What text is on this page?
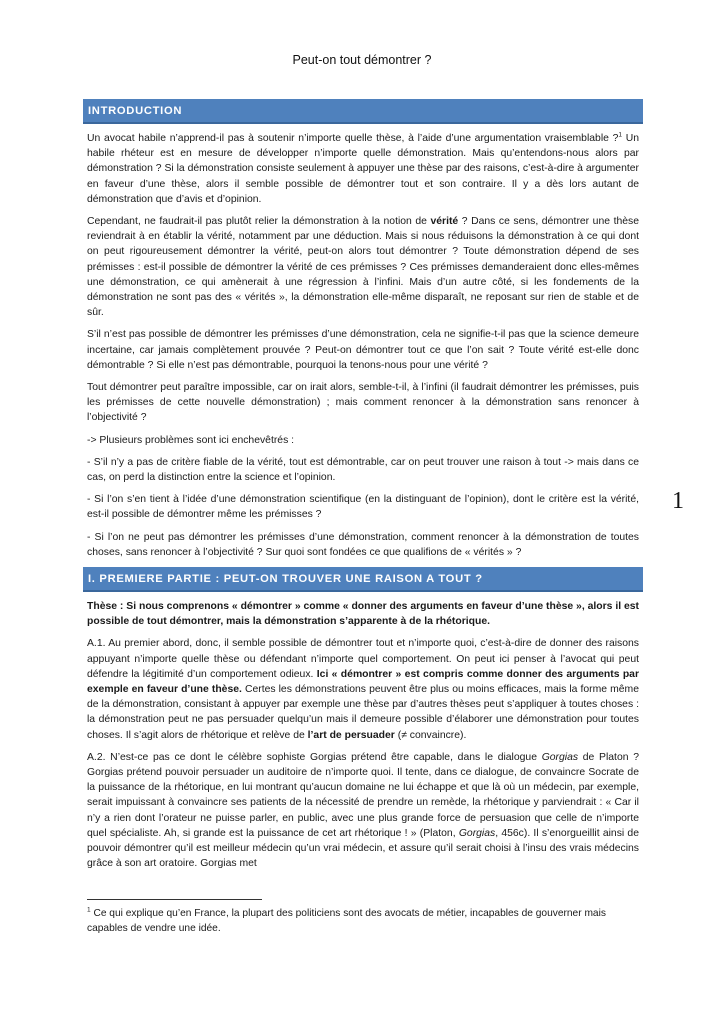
Peut-on tout démontrer ?
INTRODUCTION

Un avocat habile n’apprend-il pas à soutenir n’importe quelle thèse, à l’aide d’une argumentation vraisemblable ?$^1$ Un habile rhéteur est en mesure de développer n’importe quelle démonstration. Mais qu’entendons-nous alors par démonstration ? Si la démonstration consiste seulement à appuyer une thèse par des raisons, c’est-à-dire à argumenter en faveur d’une thèse, alors il semble possible de démontrer tout et son contraire. Il y a dès lors autant de démonstration que d’avis et d’opinion.

Cependant, ne faudrait-il pas plutôt relier la démonstration à la notion de vérité ? Dans ce sens, démontrer une thèse reviendrait à en établir la vérité, notamment par une déduction. Mais si nous réduisons la démonstration à ce qui dont on peut rigoureusement démontrer la vérité, peut-on alors tout démontrer ? Toute démonstration dépend de ses prémisses : est-il possible de démontrer la vérité de ces prémisses ? Ces prémisses demanderaient donc elles-mêmes une démonstration, ce qui amènerait à une régression à l’infini. Mais d’un autre côté, si les fondements de la démonstration ne sont pas des « vérités », la démonstration elle-même disparaît, ne reposant sur rien de stable et de sûr.

S’il n’est pas possible de démontrer les prémisses d’une démonstration, cela ne signifie-t-il pas que la science demeure incertaine, car jamais complètement prouvée ? Peut-on démontrer tout ce que l’on sait ? Toute vérité est-elle donc démontrable ? Si elle n’est pas démontrable, pourquoi la tenons-nous pour une vérité ?

Tout démontrer peut paraître impossible, car on irait alors, semble-t-il, à l’infini (il faudrait démontrer les prémisses, puis les prémisses de cette nouvelle démonstration) ; mais comment renoncer à la démonstration sans renoncer à l’objectivité ?

-> Plusieurs problèmes sont ici enchevêtrés :

- S’il n’y a pas de critère fiable de la vérité, tout est démontrable, car on peut trouver une raison à tout -> mais dans ce cas, on perd la distinction entre la science et l’opinion.

- Si l’on s’en tient à l’idée d’une démonstration scientifique (en la distinguant de l’opinion), dont le critère est la vérité, est-il possible de démontrer même les prémisses ?

- Si l’on ne peut pas démontrer les prémisses d’une démonstration, comment renoncer à la démonstration de toutes choses, sans renoncer à l’objectivité ? Sur quoi sont fondées ce que qualifions de « vérités » ?

I. PREMIERE PARTIE : PEUT-ON TROUVER UNE RAISON A TOUT ?

Thèse : Si nous comprenons « démontrer » comme « donner des arguments en faveur d’une thèse », alors il est possible de tout démontrer, mais la démonstration s’apparente à de la rhétorique.

A.1. Au premier abord, donc, il semble possible de démontrer tout et n’importe quoi, c’est-à-dire de donner des raisons appuyant n’importe quelle thèse ou défendant n’importe quel comportement. On peut ici penser à l’avocat qui peut défendre la légitimité d’un comportement odieux. Ici « démontrer » est compris comme donner des arguments par exemple en faveur d’une thèse. Certes les démonstrations peuvent être plus ou moins efficaces, mais la forme même de la démonstration, consistant à appuyer par exemple une thèse par d’autres thèses peut s’appliquer à toutes choses : la démonstration peut ne pas persuader quelqu’un mais il demeure possible d’élaborer une démonstration pour toutes choses. Il s’agit alors de rhétorique et relève de l’art de persuader (≠ convaincre).

A.2. N’est-ce pas ce dont le célèbre sophiste Gorgias prétend être capable, dans le dialogue Gorgias de Platon ? Gorgias prétend pouvoir persuader un auditoire de n’importe quoi. Il tente, dans ce dialogue, de convaincre Socrate de la puissance de la rhétorique, en lui montrant qu’aucun domaine ne lui échappe et que là où un médecin, par exemple, serait impuissant à convaincre ses patients de la nécessité de prendre un remède, la rhétorique y parviendrait : « Car il n’y a rien dont l’orateur ne puisse parler, en public, avec une plus grande force de persuasion que celle de n’importe quel spécialiste. Ah, si grande est la puissance de cet art rhétorique ! » (Platon, Gorgias, 456c). Il s’enorgueillit ainsi de pouvoir démontrer qu’il est meilleur médecin qu’un vrai médecin, et assure qu’il serait choisi à l’insu des vrais médecins grâce à son art oratoire. Gorgias met

1
$^1$ Ce qui explique qu’en France, la plupart des politiciens sont des avocats de métier, incapables de gouverner mais capables de vendre une idée.
